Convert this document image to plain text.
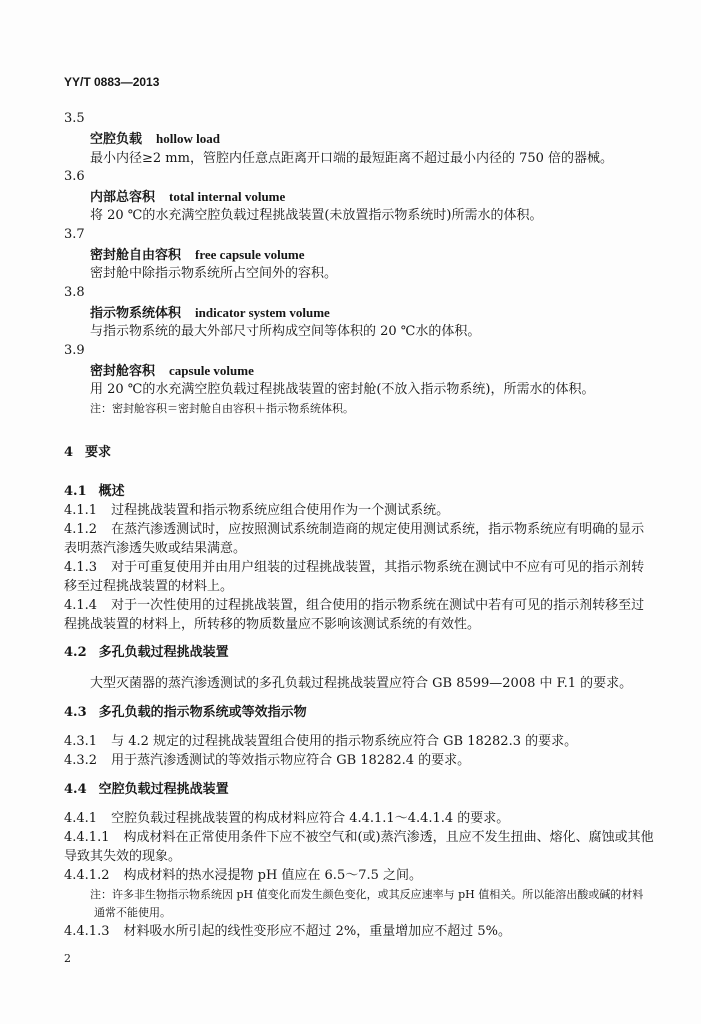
YY/T 0883—2013
3.5
空腔负载 hollow load
最小内径≥2 mm，管腔内任意点距离开口端的最短距离不超过最小内径的 750 倍的器械。
3.6
内部总容积 total internal volume
将 20 ℃的水充满空腔负载过程挑战装置(未放置指示物系统时)所需水的体积。
3.7
密封舱自由容积 free capsule volume
密封舱中除指示物系统所占空间外的容积。
3.8
指示物系统体积 indicator system volume
与指示物系统的最大外部尺寸所构成空间等体积的 20 ℃水的体积。
3.9
密封舱容积 capsule volume
用 20 ℃的水充满空腔负载过程挑战装置的密封舱(不放入指示物系统)，所需水的体积。
注：密封舱容积＝密封舱自由容积＋指示物系统体积。
4 要求
4.1 概述
4.1.1 过程挑战装置和指示物系统应组合使用作为一个测试系统。
4.1.2 在蒸汽渗透测试时，应按照测试系统制造商的规定使用测试系统，指示物系统应有明确的显示
表明蒸汽渗透失败或结果满意。
4.1.3 对于可重复使用并由用户组装的过程挑战装置，其指示物系统在测试中不应有可见的指示剂转
移至过程挑战装置的材料上。
4.1.4 对于一次性使用的过程挑战装置，组合使用的指示物系统在测试中若有可见的指示剂转移至过
程挑战装置的材料上，所转移的物质数量应不影响该测试系统的有效性。
4.2 多孔负载过程挑战装置
大型灭菌器的蒸汽渗透测试的多孔负载过程挑战装置应符合 GB 8599—2008 中 F.1 的要求。
4.3 多孔负载的指示物系统或等效指示物
4.3.1 与 4.2 规定的过程挑战装置组合使用的指示物系统应符合 GB 18282.3 的要求。
4.3.2 用于蒸汽渗透测试的等效指示物应符合 GB 18282.4 的要求。
4.4 空腔负载过程挑战装置
4.4.1 空腔负载过程挑战装置的构成材料应符合 4.4.1.1～4.4.1.4 的要求。
4.4.1.1 构成材料在正常使用条件下应不被空气和(或)蒸汽渗透，且应不发生扭曲、熔化、腐蚀或其他
导致其失效的现象。
4.4.1.2 构成材料的热水浸提物 pH 值应在 6.5～7.5 之间。
注：许多非生物指示物系统因 pH 值变化而发生颜色变化，或其反应速率与 pH 值相关。所以能溶出酸或碱的材料
通常不能使用。
4.4.1.3 材料吸水所引起的线性变形应不超过 2%，重量增加应不超过 5%。
2
